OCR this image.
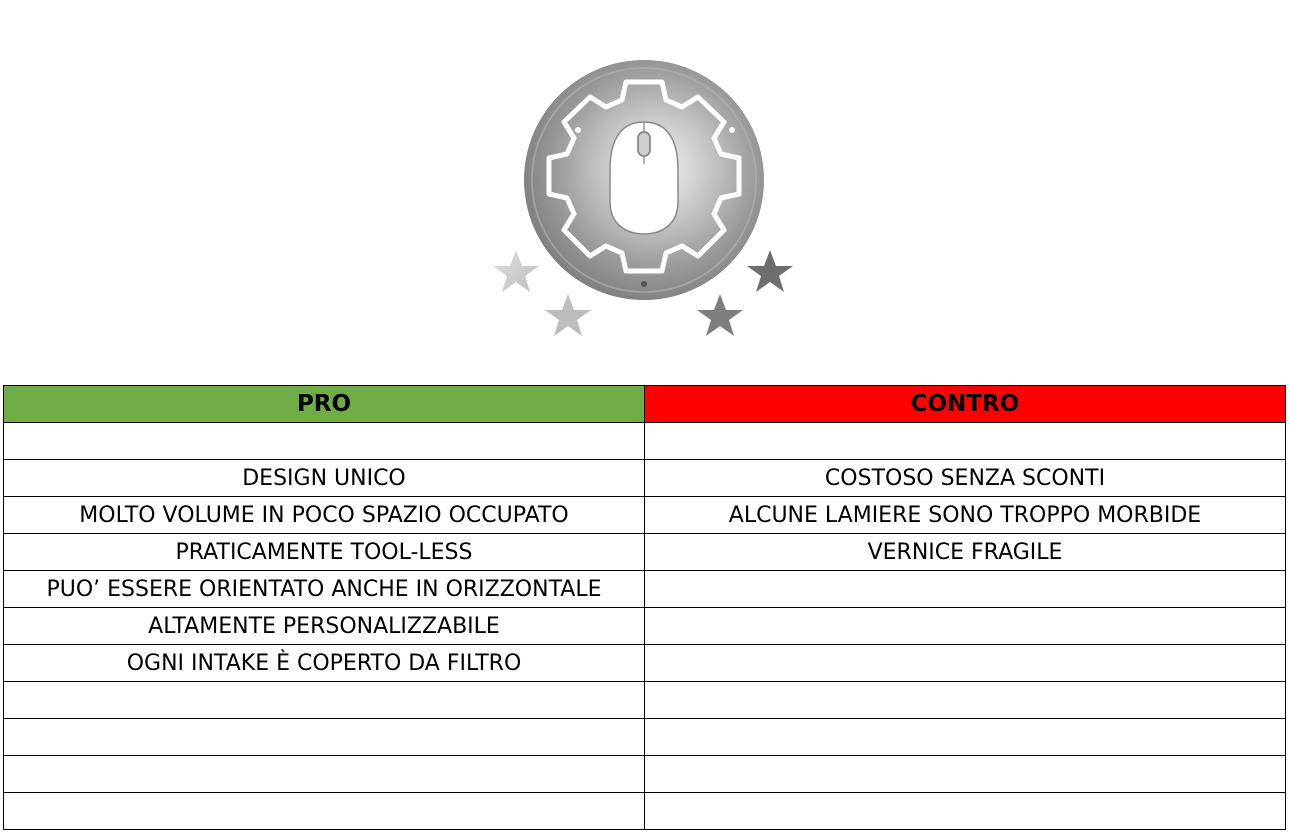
PRO	CONTRO

DESIGN UNICO	COSTOSO SENZA SCONTI
MOLTO VOLUME IN POCO SPAZIO OCCUPATO	ALCUNE LAMIERE SONO TROPPO MORBIDE
PRATICAMENTE TOOL-LESS	VERNICE FRAGILE
PUO’ ESSERE ORIENTATO ANCHE IN ORIZZONTALE	
ALTAMENTE PERSONALIZZABILE	
OGNI INTAKE È COPERTO DA FILTRO	
